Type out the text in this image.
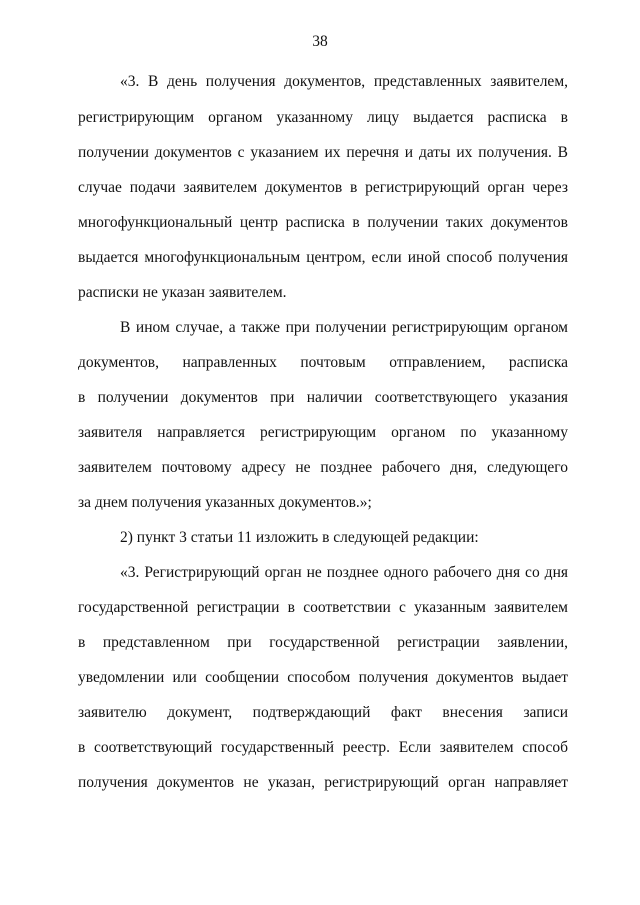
38
«3. В день получения документов, представленных заявителем,
регистрирующим органом указанному лицу выдается расписка в
получении документов с указанием их перечня и даты их получения. В
случае подачи заявителем документов в регистрирующий орган через
многофункциональный центр расписка в получении таких документов
выдается многофункциональным центром, если иной способ получения
расписки не указан заявителем.
В ином случае, а также при получении регистрирующим органом
документов, направленных почтовым отправлением, расписка
в получении документов при наличии соответствующего указания
заявителя направляется регистрирующим органом по указанному
заявителем почтовому адресу не позднее рабочего дня, следующего
за днем получения указанных документов.»;
2) пункт 3 статьи 11 изложить в следующей редакции:
«3. Регистрирующий орган не позднее одного рабочего дня со дня
государственной регистрации в соответствии с указанным заявителем
в представленном при государственной регистрации заявлении,
уведомлении или сообщении способом получения документов выдает
заявителю документ, подтверждающий факт внесения записи
в соответствующий государственный реестр. Если заявителем способ
получения документов не указан, регистрирующий орган направляет
